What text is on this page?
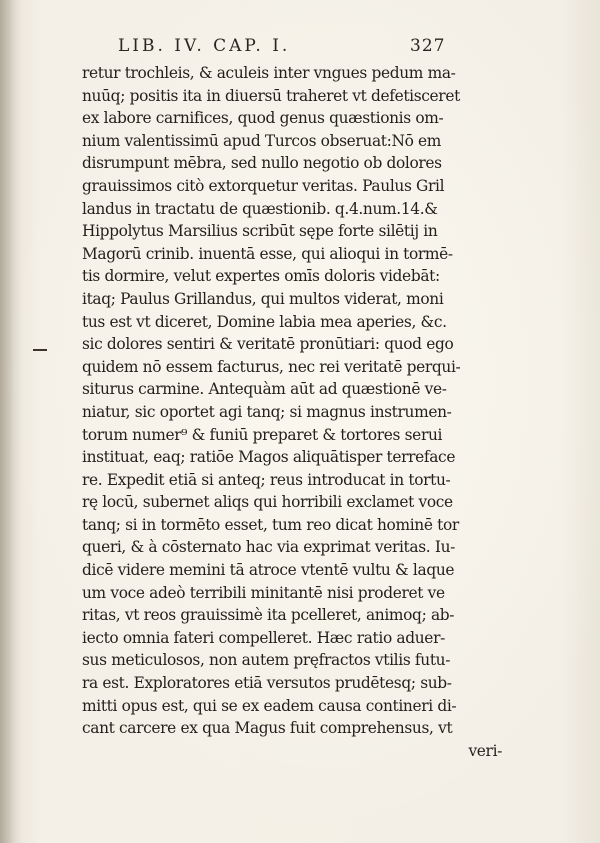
LIB. IV. CAP. I.	327
retur trochleis, & aculeis inter vngues pedum ma-
nuūq; positis ita in diuersū traheret vt defetisceret
ex labore carnifices, quod genus quæstionis om-
nium valentissimū apud Turcos obseruat:Nō em
disrumpunt mēbra, sed nullo negotio ob dolores
grauissimos citò extorquetur veritas. Paulus Gril
landus in tractatu de quæstionib. q.4.num.14.&
Hippolytus Marsilius scribūt sępe forte silētij in
Magorū crinib. inuentā esse, qui alioqui in tormē-
tis dormire, velut expertes omīs doloris videbāt:
itaq; Paulus Grillandus, qui multos viderat, moni
tus est vt diceret, Domine labia mea aperies, &c.
sic dolores sentiri & veritatē pronūtiari: quod ego
quidem nō essem facturus, nec rei veritatē perqui-
siturus carmine. Antequàm aūt ad quæstionē ve-
niatur, sic oportet agi tanq; si magnus instrumen-
torum numer⁹ & funiū preparet & tortores serui
instituat, eaq; ratiōe Magos aliquātisper terreface
re. Expedit etiā si anteq; reus introducat in tortu-
rę locū, subernet aliqs qui horribili exclamet voce
tanq; si in tormēto esset, tum reo dicat hominē tor
queri, & à cōsternato hac via exprimat veritas. Iu-
dicē videre memini tā atroce vtentē vultu & laque
um voce adeò terribili minitantē nisi proderet ve
ritas, vt reos grauissimè ita pcelleret, animoq; ab-
iecto omnia fateri compelleret. Hæc ratio aduer-
sus meticulosos, non autem pręfractos vtilis futu-
ra est. Exploratores etiā versutos prudētesq; sub-
mitti opus est, qui se ex eadem causa contineri di-
cant carcere ex qua Magus fuit comprehensus, vt
veri-
